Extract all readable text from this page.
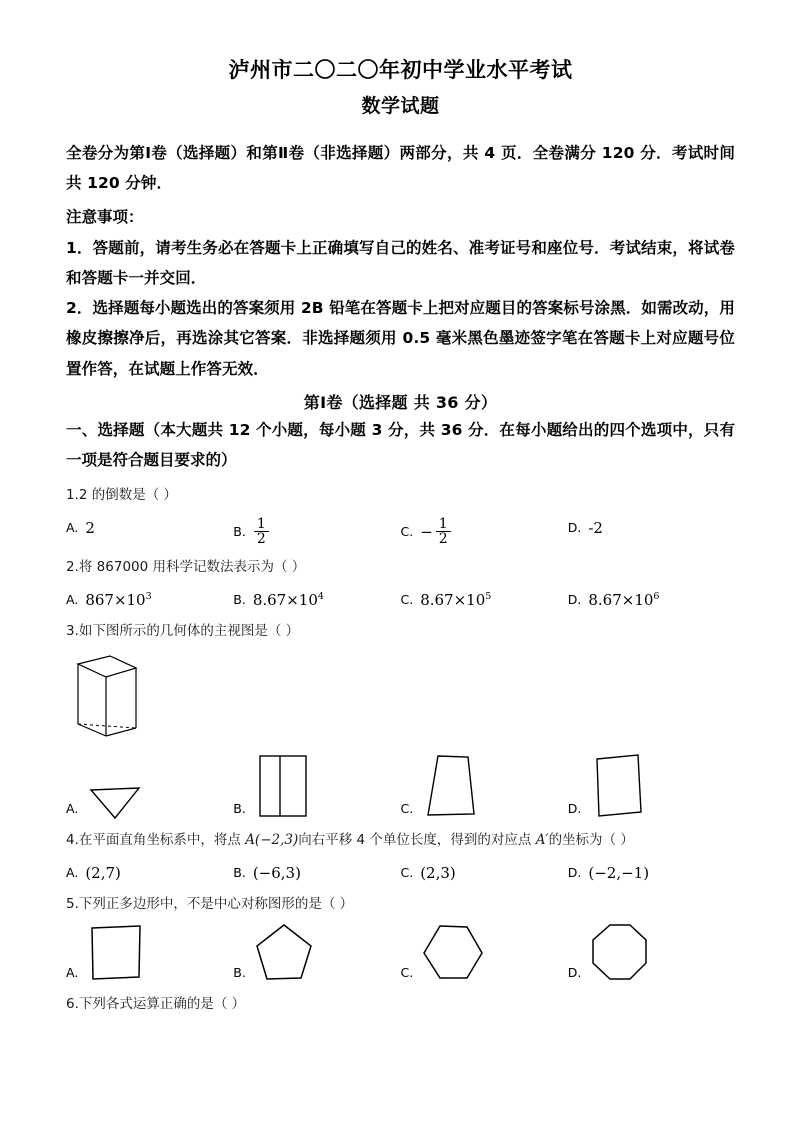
泸州市二〇二〇年初中学业水平考试
数学试题

全卷分为第Ⅰ卷（选择题）和第Ⅱ卷（非选择题）两部分，共 4 页．全卷满分 120 分．考试时间共 120 分钟．

注意事项：

1．答题前，请考生务必在答题卡上正确填写自己的姓名、准考证号和座位号．考试结束，将试卷和答题卡一并交回．

2．选择题每小题选出的答案须用 2B 铅笔在答题卡上把对应题目的答案标号涂黑．如需改动，用橡皮擦擦净后，再选涂其它答案．非选择题须用 0.5 毫米黑色墨迹签字笔在答题卡上对应题号位置作答，在试题上作答无效．

第Ⅰ卷（选择题 共 36 分）

一、选择题（本大题共 12 个小题，每小题 3 分，共 36 分．在每小题给出的四个选项中，只有一项是符合题目要求的）

1.2 的倒数是（ ）

A. 2	B. $\frac{1}{2}$	C. − $\frac{1}{2}$	D. -2

2.将 867000 用科学记数法表示为（ ）

A. $867\times 10^3$	B. $8.67\times 10^4$	C. $8.67\times 10^5$	D. $8.67\times 10^6$

3.如下图所示的几何体的主视图是（ ）

A.	B.	C.	D.

4.在平面直角坐标系中，将点 A(−2,3)向右平移 4 个单位长度，得到的对应点 A′的坐标为（ ）

A. (2,7)	B. (−6,3)	C. (2,3)	D. (−2,−1)

5.下列正多边形中，不是中心对称图形的是（ ）

A.	B.	C.	D.

6.下列各式运算正确的是（ ）
